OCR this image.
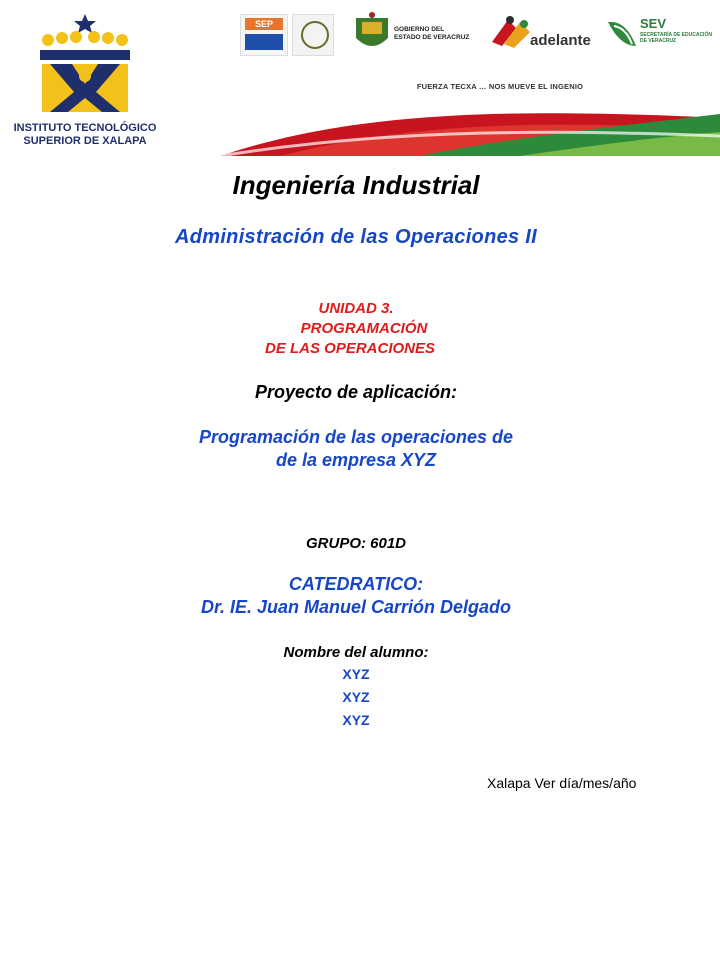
INSTITUTO TECNOLÓGICO
SUPERIOR DE XALAPA
SEP
GOBIERNO DEL
ESTADO DE VERACRUZ	adelante
SEV
SECRETARÍA DE EDUCACIÓN
DE VERACRUZ
FUERZA TECXA … NOS MUEVE EL INGENIO
Ingeniería Industrial
Administración de las Operaciones II
UNIDAD 3.
PROGRAMACIÓN
DE LAS OPERACIONES
Proyecto de aplicación:
Programación de las operaciones de
de la empresa XYZ
GRUPO: 601D
CATEDRATICO:
Dr. IE. Juan Manuel Carrión Delgado
Nombre del alumno:
XYZ
XYZ
XYZ
Xalapa Ver día/mes/año
